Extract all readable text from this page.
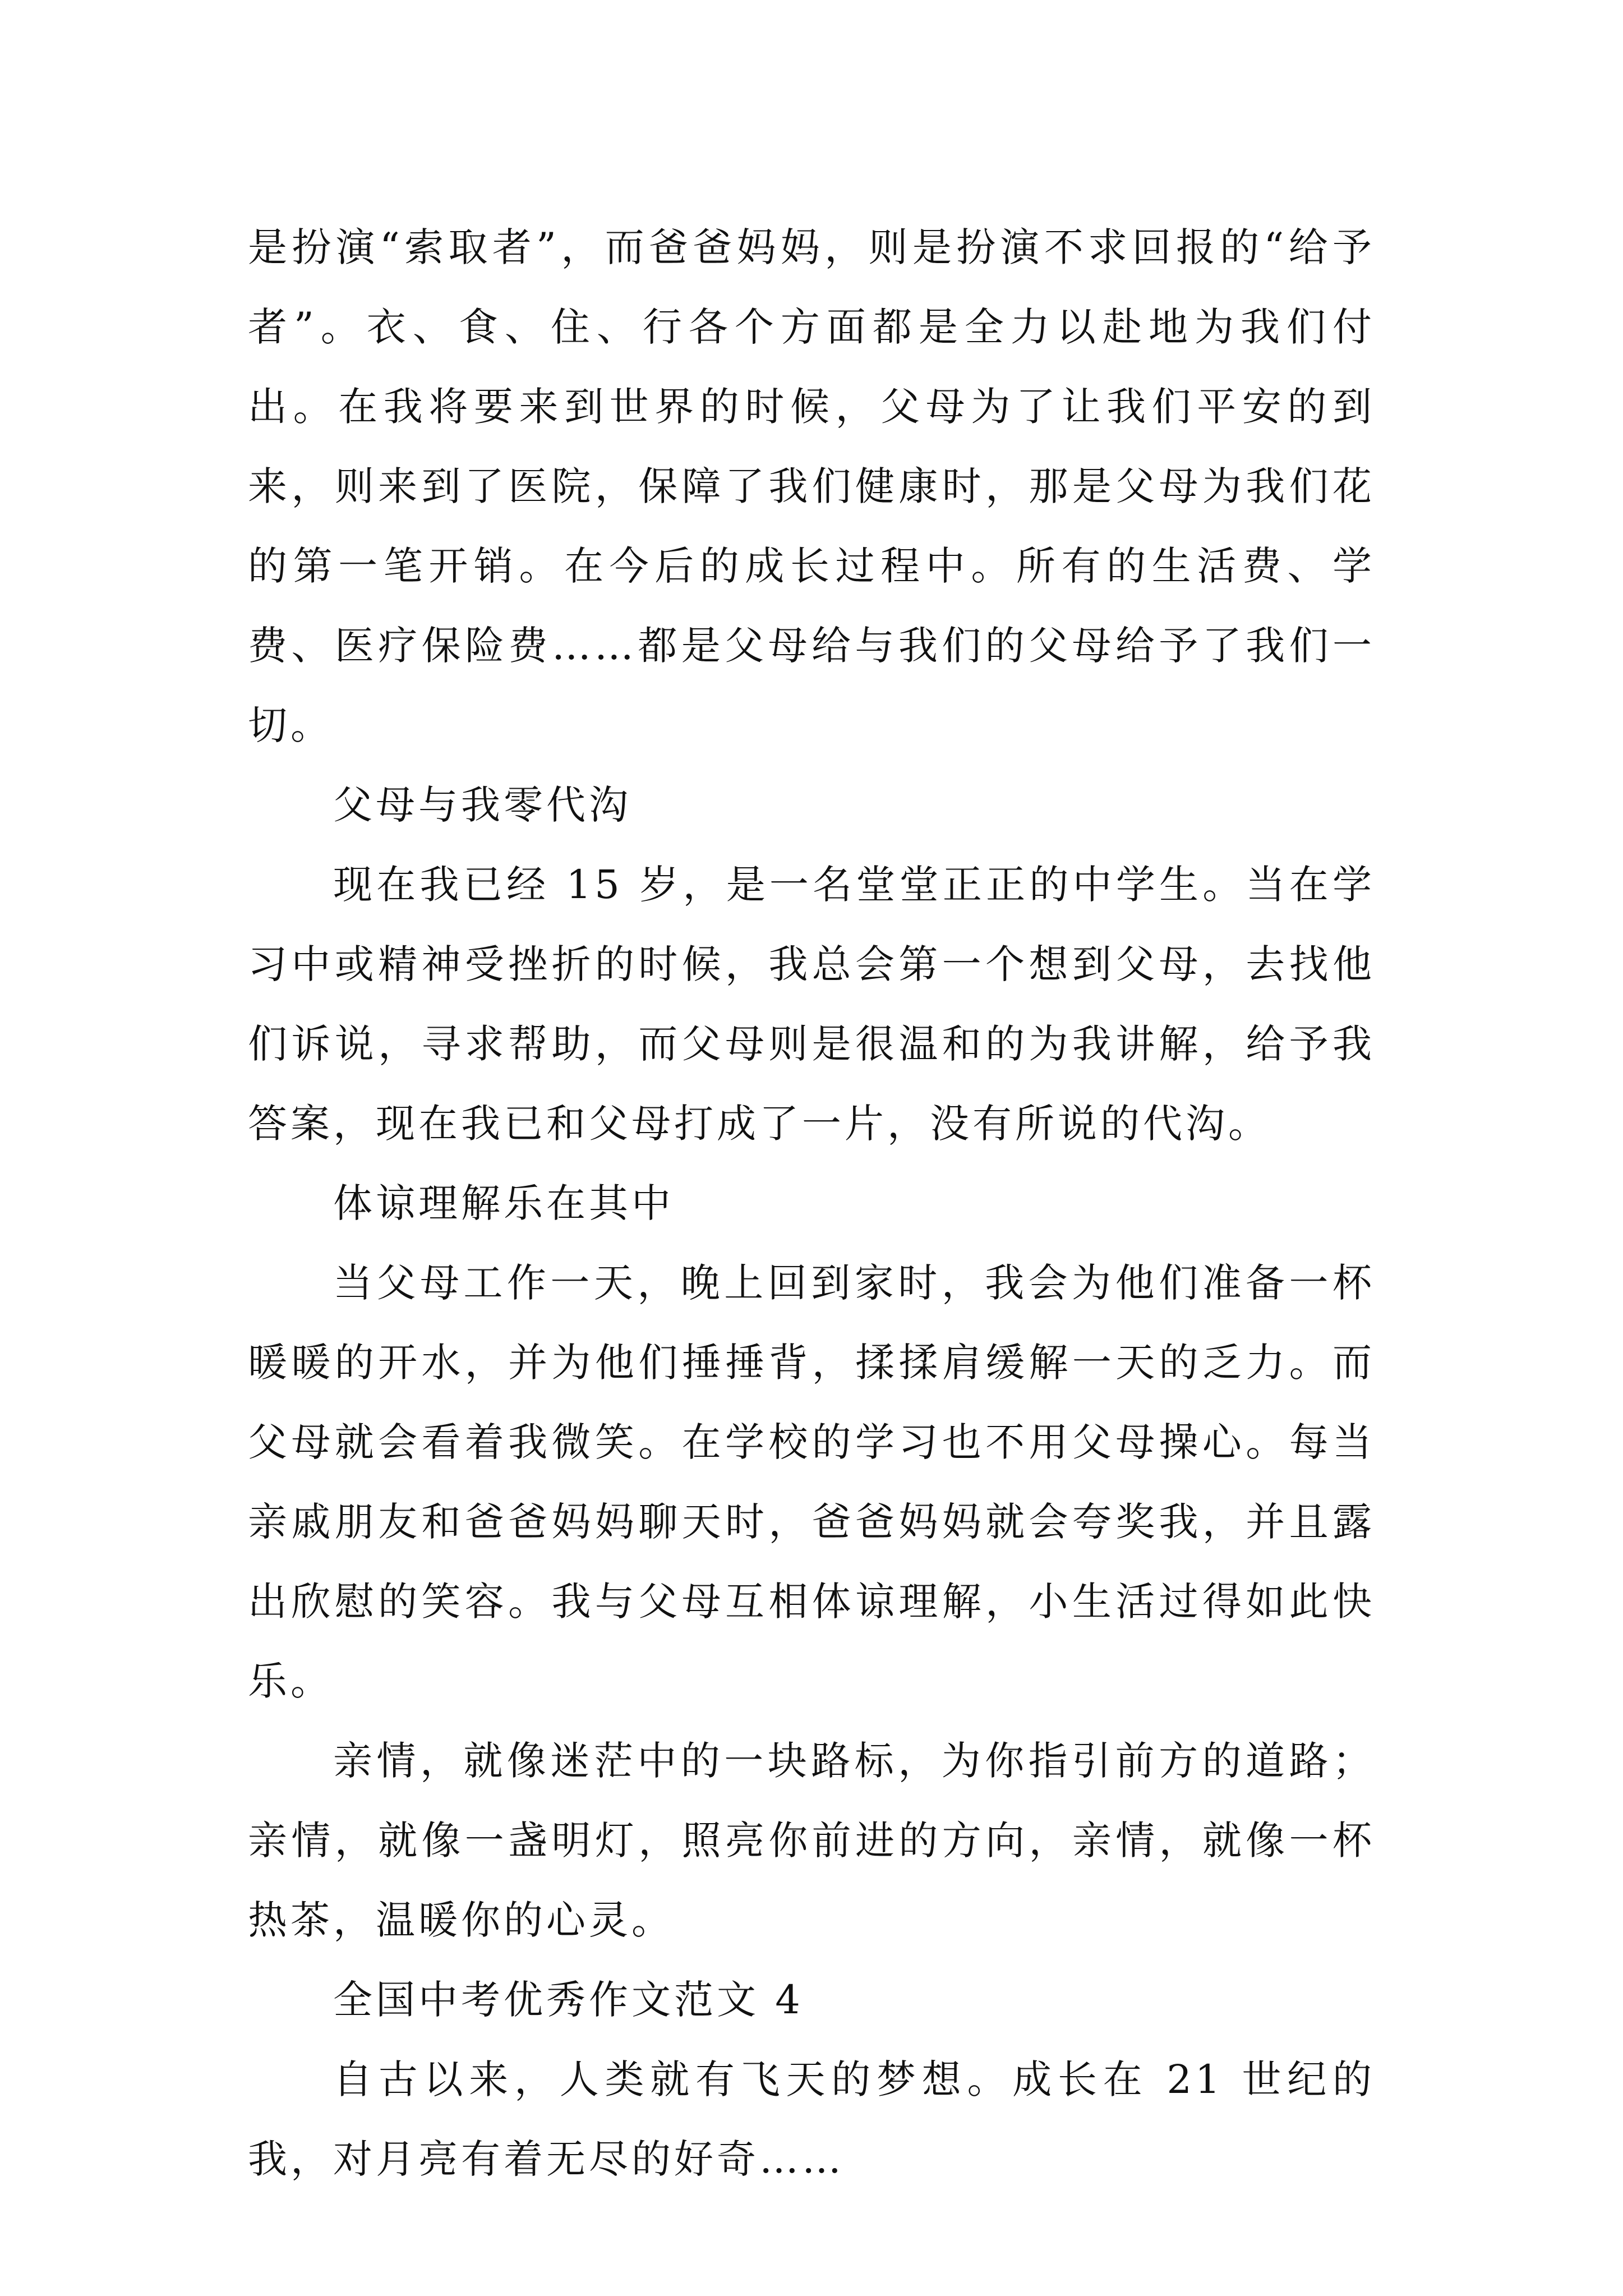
是扮演“索取者”，而爸爸妈妈，则是扮演不求回报的“给予者”。衣、食、住、行各个方面都是全力以赴地为我们付出。在我将要来到世界的时候，父母为了让我们平安的到来，则来到了医院，保障了我们健康时，那是父母为我们花的第一笔开销。在今后的成长过程中。所有的生活费、学费、医疗保险费……都是父母给与我们的父母给予了我们一切。

父母与我零代沟

现在我已经 15 岁，是一名堂堂正正的中学生。当在学习中或精神受挫折的时候，我总会第一个想到父母，去找他们诉说，寻求帮助，而父母则是很温和的为我讲解，给予我答案，现在我已和父母打成了一片，没有所说的代沟。

体谅理解乐在其中

当父母工作一天，晚上回到家时，我会为他们准备一杯暖暖的开水，并为他们捶捶背，揉揉肩缓解一天的乏力。而父母就会看着我微笑。在学校的学习也不用父母操心。每当亲戚朋友和爸爸妈妈聊天时，爸爸妈妈就会夸奖我，并且露出欣慰的笑容。我与父母互相体谅理解，小生活过得如此快乐。

亲情，就像迷茫中的一块路标，为你指引前方的道路；亲情，就像一盏明灯，照亮你前进的方向，亲情，就像一杯热茶，温暖你的心灵。

全国中考优秀作文范文 4

自古以来，人类就有飞天的梦想。成长在 21 世纪的我，对月亮有着无尽的好奇……
